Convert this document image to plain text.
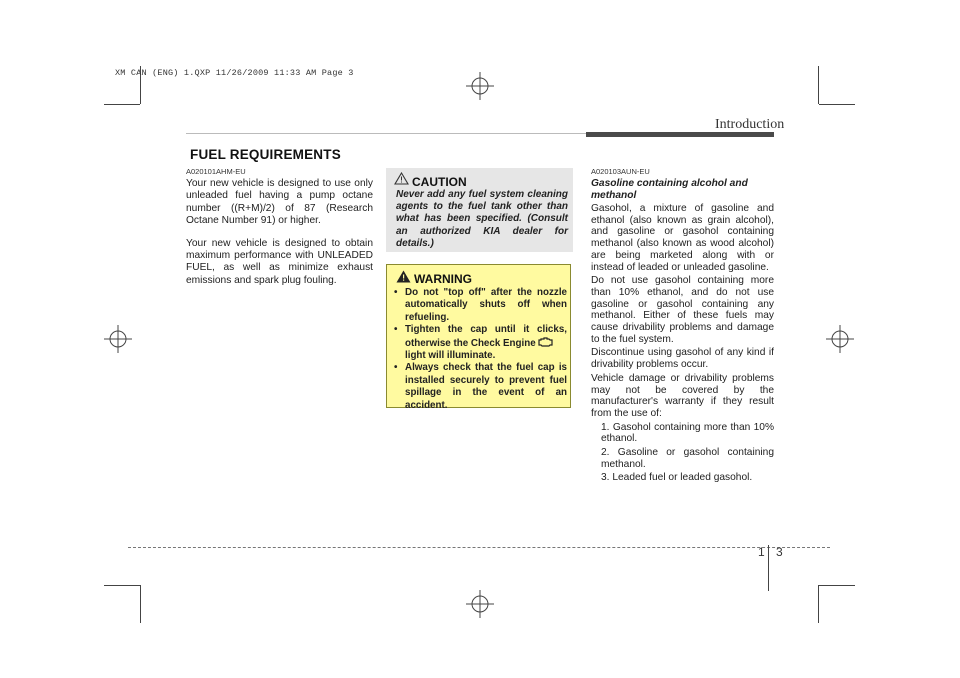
XM CAN (ENG) 1.QXP 11/26/2009 11:33 AM Page 3
Introduction
FUEL REQUIREMENTS
A020101AHM-EU

Your new vehicle is designed to use only unleaded fuel having a pump octane number ((R+M)/2) of 87 (Research Octane Number 91) or higher.

Your new vehicle is designed to obtain maximum performance with UNLEADED FUEL, as well as minimize exhaust emissions and spark plug fouling.

CAUTION
Never add any fuel system cleaning agents to the fuel tank other than what has been specified. (Consult an authorized KIA dealer for details.)
WARNING
• Do not "top off" after the nozzle automatically shuts off when refueling.
• Tighten the cap until it clicks, otherwise the Check Engine
light will illuminate.
• Always check that the fuel cap is installed securely to prevent fuel spillage in the event of an accident.
A020103AUN-EU
Gasoline containing alcohol and methanol

Gasohol, a mixture of gasoline and ethanol (also known as grain alcohol), and gasoline or gasohol containing methanol (also known as wood alcohol) are being marketed along with or instead of leaded or unleaded gasoline.

Do not use gasohol containing more than 10% ethanol, and do not use gasoline or gasohol containing any methanol. Either of these fuels may cause drivability problems and damage to the fuel system.

Discontinue using gasohol of any kind if drivability problems occur.

Vehicle damage or drivability problems may not be covered by the manufacturer's warranty if they result from the use of:

1. Gasohol containing more than 10% ethanol.
2. Gasoline or gasohol containing methanol.
3. Leaded fuel or leaded gasohol.
1 3
